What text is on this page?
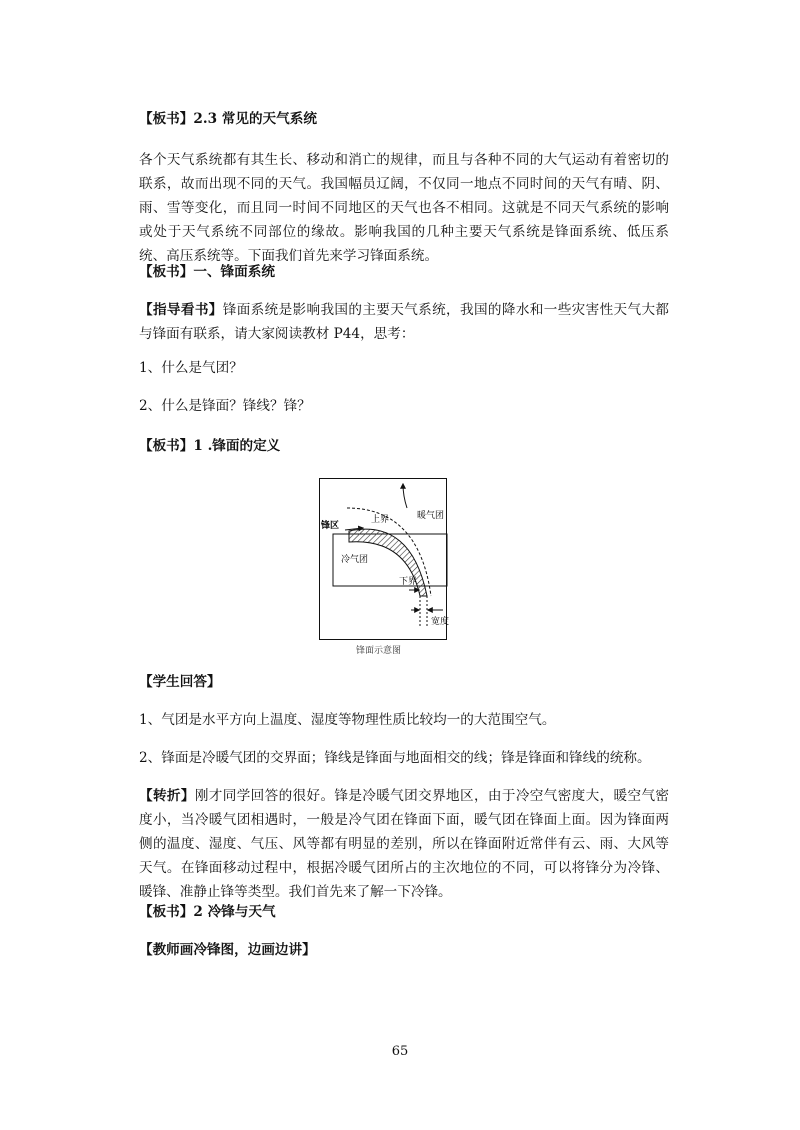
【板书】2.3 常见的天气系统
各个天气系统都有其生长、移动和消亡的规律，而且与各种不同的大气运动有着密切的联系，故而出现不同的天气。我国幅员辽阔，不仅同一地点不同时间的天气有晴、阴、雨、雪等变化，而且同一时间不同地区的天气也各不相同。这就是不同天气系统的影响或处于天气系统不同部位的缘故。影响我国的几种主要天气系统是锋面系统、低压系统、高压系统等。下面我们首先来学习锋面系统。
【板书】一、锋面系统
【指导看书】锋面系统是影响我国的主要天气系统，我国的降水和一些灾害性天气大都与锋面有联系，请大家阅读教材 P44，思考：
1、什么是气团？
2、什么是锋面？锋线？锋？
【板书】1 .锋面的定义
暖气团
锋区
上界
冷气团
下界
宽度
锋面示意图
【学生回答】
1、气团是水平方向上温度、湿度等物理性质比较均一的大范围空气。
2、锋面是冷暖气团的交界面；锋线是锋面与地面相交的线；锋是锋面和锋线的统称。
【转折】刚才同学回答的很好。锋是冷暖气团交界地区，由于冷空气密度大，暖空气密度小，当冷暖气团相遇时，一般是冷气团在锋面下面，暖气团在锋面上面。因为锋面两侧的温度、湿度、气压、风等都有明显的差别，所以在锋面附近常伴有云、雨、大风等天气。在锋面移动过程中，根据冷暖气团所占的主次地位的不同，可以将锋分为冷锋、暖锋、准静止锋等类型。我们首先来了解一下冷锋。
【板书】2 冷锋与天气
【教师画冷锋图，边画边讲】
65
